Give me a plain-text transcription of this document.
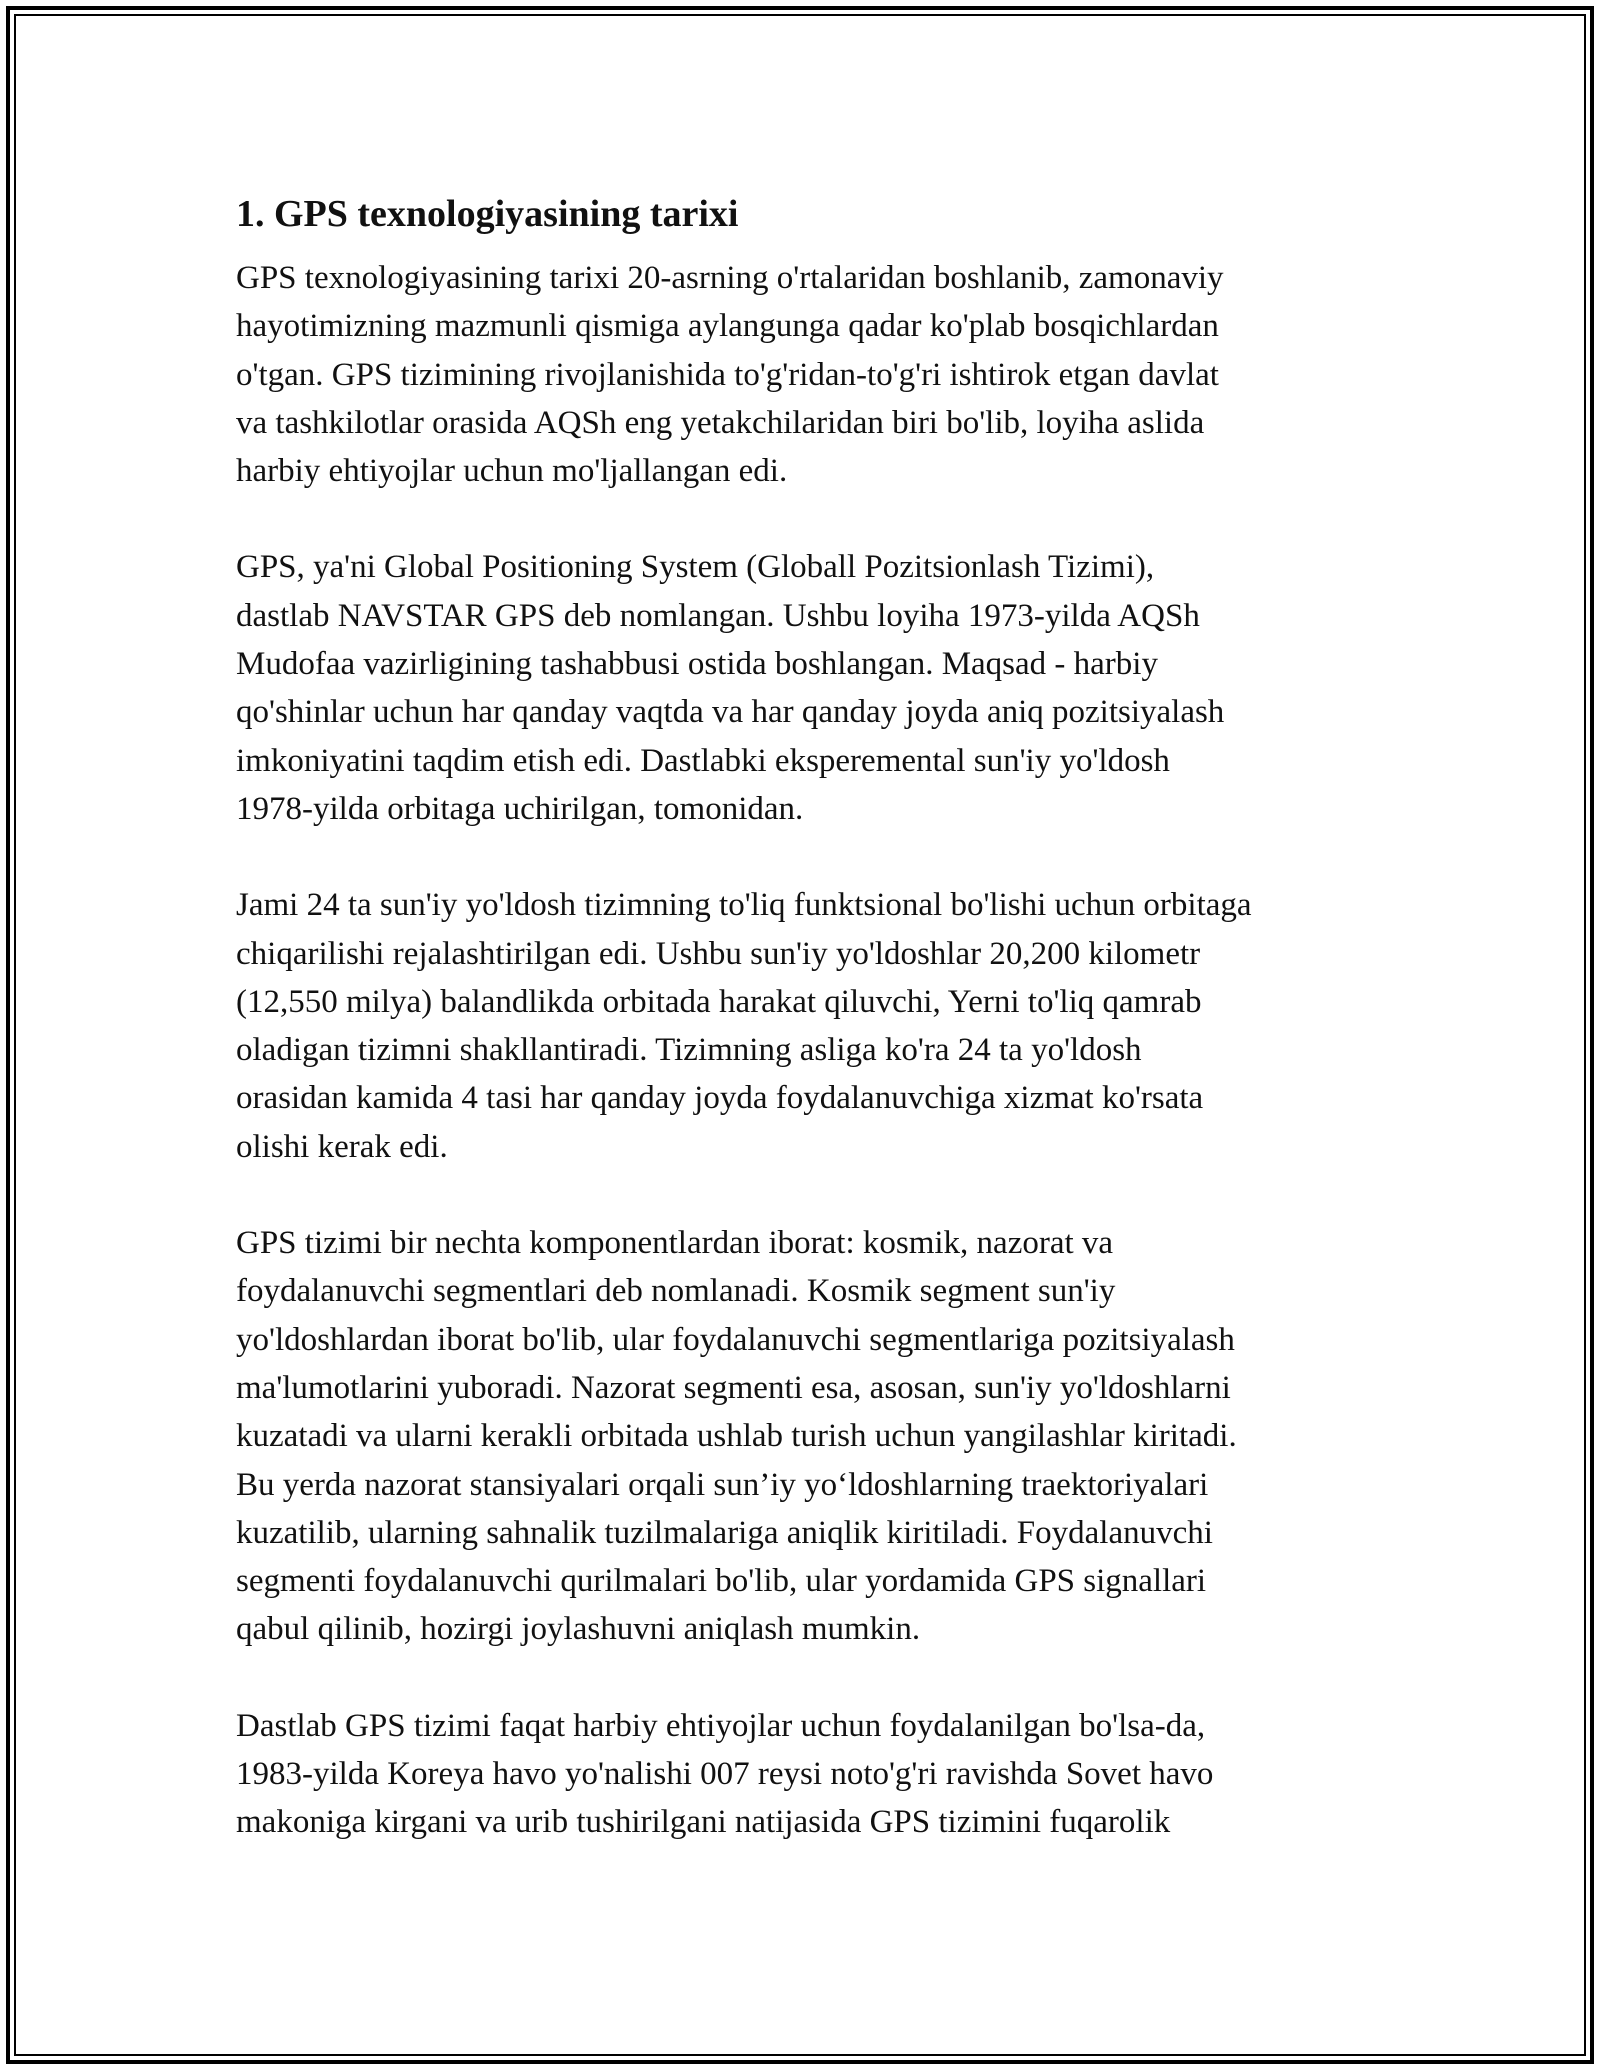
1. GPS texnologiyasining tarixi

GPS texnologiyasining tarixi 20-asrning o'rtalaridan boshlanib, zamonaviy
hayotimizning mazmunli qismiga aylangunga qadar ko'plab bosqichlardan
o'tgan. GPS tizimining rivojlanishida to'g'ridan-to'g'ri ishtirok etgan davlat
va tashkilotlar orasida AQSh eng yetakchilaridan biri bo'lib, loyiha aslida
harbiy ehtiyojlar uchun mo'ljallangan edi.

GPS, ya'ni Global Positioning System (Globall Pozitsionlash Tizimi),
dastlab NAVSTAR GPS deb nomlangan. Ushbu loyiha 1973-yilda AQSh
Mudofaa vazirligining tashabbusi ostida boshlangan. Maqsad - harbiy
qo'shinlar uchun har qanday vaqtda va har qanday joyda aniq pozitsiyalash
imkoniyatini taqdim etish edi. Dastlabki eksperemental sun'iy yo'ldosh
1978-yilda orbitaga uchirilgan, tomonidan.

Jami 24 ta sun'iy yo'ldosh tizimning to'liq funktsional bo'lishi uchun orbitaga
chiqarilishi rejalashtirilgan edi. Ushbu sun'iy yo'ldoshlar 20,200 kilometr
(12,550 milya) balandlikda orbitada harakat qiluvchi, Yerni to'liq qamrab
oladigan tizimni shakllantiradi. Tizimning asliga ko'ra 24 ta yo'ldosh
orasidan kamida 4 tasi har qanday joyda foydalanuvchiga xizmat ko'rsata
olishi kerak edi.

GPS tizimi bir nechta komponentlardan iborat: kosmik, nazorat va
foydalanuvchi segmentlari deb nomlanadi. Kosmik segment sun'iy
yo'ldoshlardan iborat bo'lib, ular foydalanuvchi segmentlariga pozitsiyalash
ma'lumotlarini yuboradi. Nazorat segmenti esa, asosan, sun'iy yo'ldoshlarni
kuzatadi va ularni kerakli orbitada ushlab turish uchun yangilashlar kiritadi.
Bu yerda nazorat stansiyalari orqali sun’iy yo‘ldoshlarning traektoriyalari
kuzatilib, ularning sahnalik tuzilmalariga aniqlik kiritiladi. Foydalanuvchi
segmenti foydalanuvchi qurilmalari bo'lib, ular yordamida GPS signallari
qabul qilinib, hozirgi joylashuvni aniqlash mumkin.

Dastlab GPS tizimi faqat harbiy ehtiyojlar uchun foydalanilgan bo'lsa-da,
1983-yilda Koreya havo yo'nalishi 007 reysi noto'g'ri ravishda Sovet havo
makoniga kirgani va urib tushirilgani natijasida GPS tizimini fuqarolik
